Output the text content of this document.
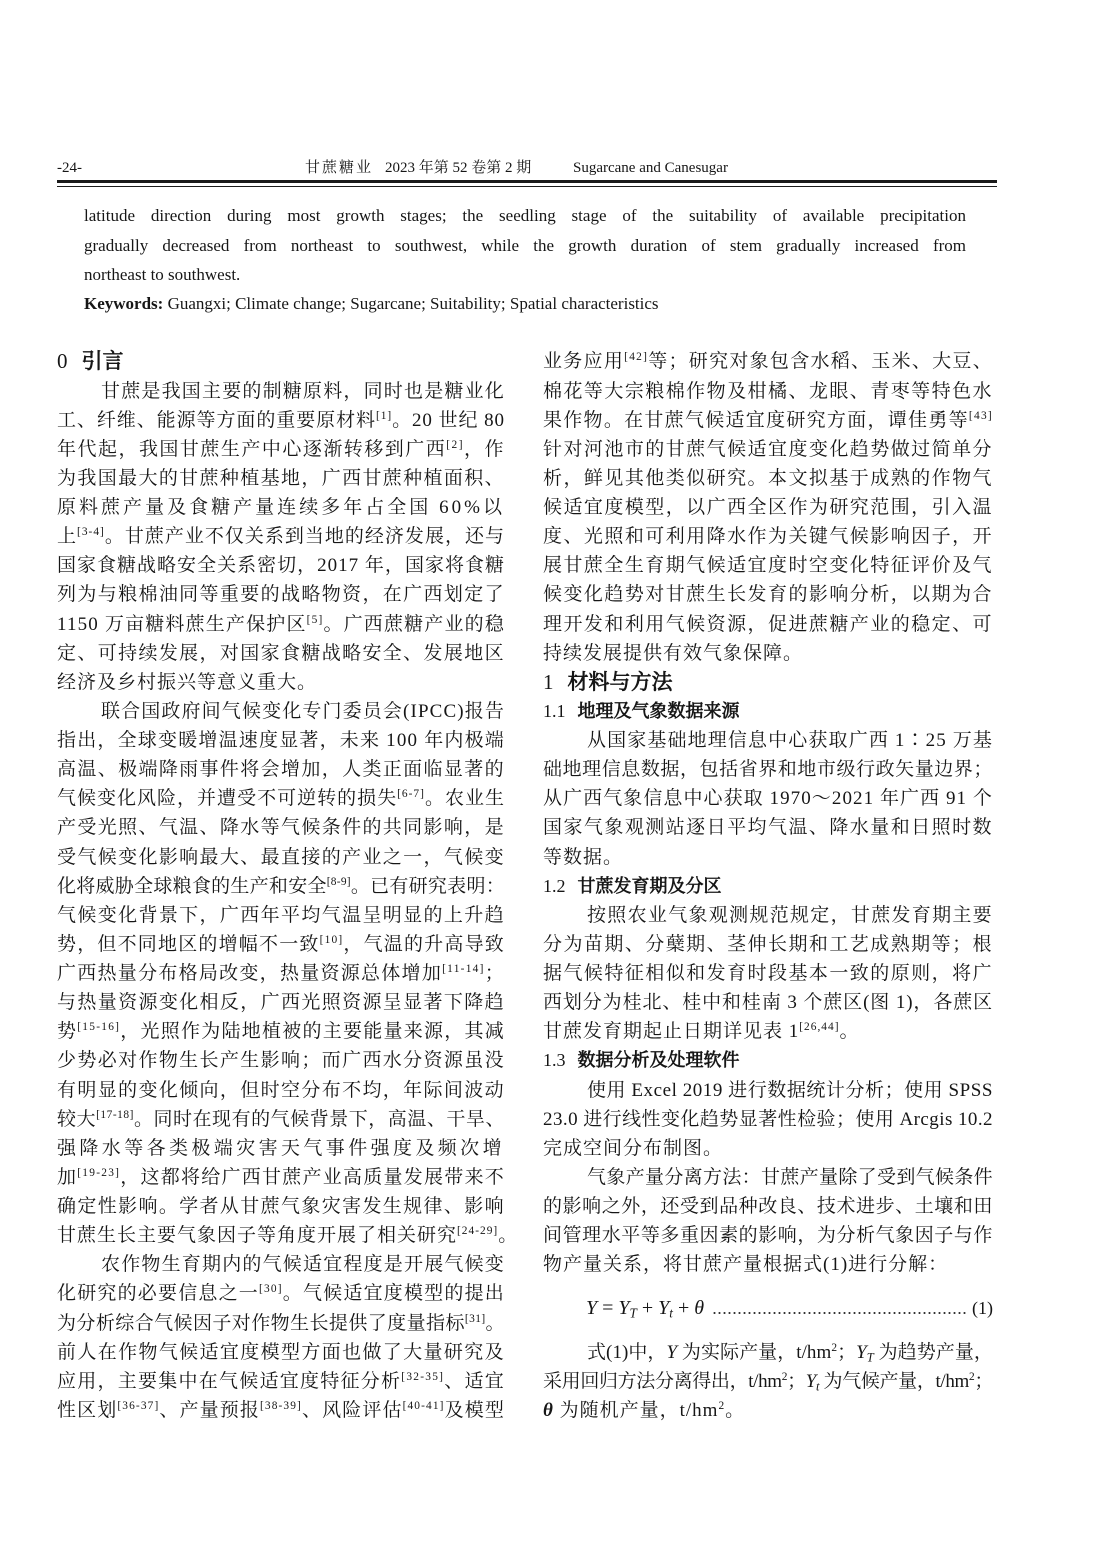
-24-	甘蔗糖业 2023 年第 52 卷第 2 期	Sugarcane and Canesugar
latitude direction during most growth stages; the seedling stage of the suitability of available precipitation
gradually decreased from northeast to southwest, while the growth duration of stem gradually increased from
northeast to southwest.
Keywords: Guangxi; Climate change; Sugarcane; Suitability; Spatial characteristics
0 引言
甘蔗是我国主要的制糖原料，同时也是糖业化
工、纤维、能源等方面的重要原材料[1]。20 世纪 80
年代起，我国甘蔗生产中心逐渐转移到广西[2]，作
为我国最大的甘蔗种植基地，广西甘蔗种植面积、
原料蔗产量及食糖产量连续多年占全国 60%以
上[3-4]。甘蔗产业不仅关系到当地的经济发展，还与
国家食糖战略安全关系密切，2017 年，国家将食糖
列为与粮棉油同等重要的战略物资，在广西划定了
1150 万亩糖料蔗生产保护区[5]。广西蔗糖产业的稳
定、可持续发展，对国家食糖战略安全、发展地区
经济及乡村振兴等意义重大。
联合国政府间气候变化专门委员会(IPCC)报告
指出，全球变暖增温速度显著，未来 100 年内极端
高温、极端降雨事件将会增加，人类正面临显著的
气候变化风险，并遭受不可逆转的损失[6-7]。农业生
产受光照、气温、降水等气候条件的共同影响，是
受气候变化影响最大、最直接的产业之一，气候变
化将威胁全球粮食的生产和安全[8-9]。已有研究表明：
气候变化背景下，广西年平均气温呈明显的上升趋
势，但不同地区的增幅不一致[10]，气温的升高导致
广西热量分布格局改变，热量资源总体增加[11-14]；
与热量资源变化相反，广西光照资源呈显著下降趋
势[15-16]，光照作为陆地植被的主要能量来源，其减
少势必对作物生长产生影响；而广西水分资源虽没
有明显的变化倾向，但时空分布不均，年际间波动
较大[17-18]。同时在现有的气候背景下，高温、干旱、
强降水等各类极端灾害天气事件强度及频次增
加[19-23]，这都将给广西甘蔗产业高质量发展带来不
确定性影响。学者从甘蔗气象灾害发生规律、影响
甘蔗生长主要气象因子等角度开展了相关研究[24-29]。
农作物生育期内的气候适宜程度是开展气候变
化研究的必要信息之一[30]。气候适宜度模型的提出
为分析综合气候因子对作物生长提供了度量指标[31]。
前人在作物气候适宜度模型方面也做了大量研究及
应用，主要集中在气候适宜度特征分析[32-35]、适宜
性区划[36-37]、产量预报[38-39]、风险评估[40-41]及模型
业务应用[42]等；研究对象包含水稻、玉米、大豆、
棉花等大宗粮棉作物及柑橘、龙眼、青枣等特色水
果作物。在甘蔗气候适宜度研究方面，谭佳勇等[43]
针对河池市的甘蔗气候适宜度变化趋势做过简单分
析，鲜见其他类似研究。本文拟基于成熟的作物气
候适宜度模型，以广西全区作为研究范围，引入温
度、光照和可利用降水作为关键气候影响因子，开
展甘蔗全生育期气候适宜度时空变化特征评价及气
候变化趋势对甘蔗生长发育的影响分析，以期为合
理开发和利用气候资源，促进蔗糖产业的稳定、可
持续发展提供有效气象保障。
1 材料与方法
1.1 地理及气象数据来源
从国家基础地理信息中心获取广西 1∶25 万基
础地理信息数据，包括省界和地市级行政矢量边界；
从广西气象信息中心获取 1970～2021 年广西 91 个
国家气象观测站逐日平均气温、降水量和日照时数
等数据。
1.2 甘蔗发育期及分区
按照农业气象观测规范规定，甘蔗发育期主要
分为苗期、分蘖期、茎伸长期和工艺成熟期等；根
据气候特征相似和发育时段基本一致的原则，将广
西划分为桂北、桂中和桂南 3 个蔗区(图 1)，各蔗区
甘蔗发育期起止日期详见表 1[26,44]。
1.3 数据分析及处理软件
使用 Excel 2019 进行数据统计分析；使用 SPSS
23.0 进行线性变化趋势显著性检验；使用 Arcgis 10.2
完成空间分布制图。
气象产量分离方法：甘蔗产量除了受到气候条件
的影响之外，还受到品种改良、技术进步、土壤和田
间管理水平等多重因素的影响，为分析气象因子与作
物产量关系，将甘蔗产量根据式(1)进行分解：
$Y = Y_T + Y_t + \theta$	(1)
式(1)中，Y 为实际产量，$t/hm^2$；$Y_T$ 为趋势产量，
采用回归方法分离得出，$t/hm^2$；$Y_t$ 为气候产量，$t/hm^2$；
θ 为随机产量，$t/hm^2$。
